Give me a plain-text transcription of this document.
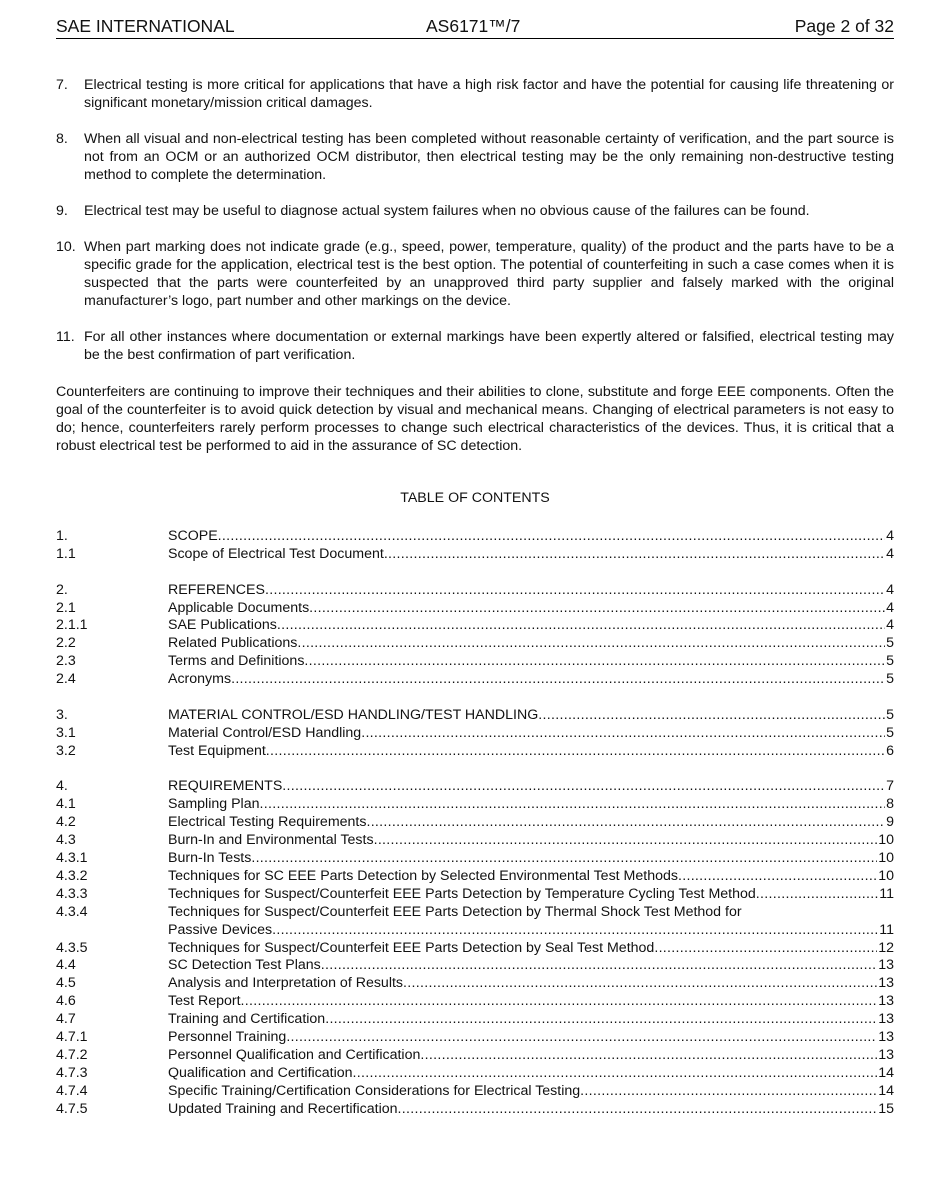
SAE INTERNATIONAL	AS6171™/7	Page 2 of 32
7. Electrical testing is more critical for applications that have a high risk factor and have the potential for causing life threatening or significant monetary/mission critical damages.
8. When all visual and non-electrical testing has been completed without reasonable certainty of verification, and the part source is not from an OCM or an authorized OCM distributor, then electrical testing may be the only remaining non-destructive testing method to complete the determination.
9. Electrical test may be useful to diagnose actual system failures when no obvious cause of the failures can be found.
10. When part marking does not indicate grade (e.g., speed, power, temperature, quality) of the product and the parts have to be a specific grade for the application, electrical test is the best option. The potential of counterfeiting in such a case comes when it is suspected that the parts were counterfeited by an unapproved third party supplier and falsely marked with the original manufacturer’s logo, part number and other markings on the device.
11. For all other instances where documentation or external markings have been expertly altered or falsified, electrical testing may be the best confirmation of part verification.
Counterfeiters are continuing to improve their techniques and their abilities to clone, substitute and forge EEE components. Often the goal of the counterfeiter is to avoid quick detection by visual and mechanical means. Changing of electrical parameters is not easy to do; hence, counterfeiters rarely perform processes to change such electrical characteristics of the devices. Thus, it is critical that a robust electrical test be performed to aid in the assurance of SC detection.
TABLE OF CONTENTS
1.	SCOPE .....	4
1.1	Scope of Electrical Test Document .....	4
2.	REFERENCES .....	4
2.1	Applicable Documents .....	4
2.1.1	SAE Publications .....	4
2.2	Related Publications .....	5
2.3	Terms and Definitions .....	5
2.4	Acronyms .....	5
3.	MATERIAL CONTROL/ESD HANDLING/TEST HANDLING .....	5
3.1	Material Control/ESD Handling .....	5
3.2	Test Equipment .....	6
4.	REQUIREMENTS .....	7
4.1	Sampling Plan .....	8
4.2	Electrical Testing Requirements .....	9
4.3	Burn-In and Environmental Tests .....	10
4.3.1	Burn-In Tests .....	10
4.3.2	Techniques for SC EEE Parts Detection by Selected Environmental Test Methods .....	10
4.3.3	Techniques for Suspect/Counterfeit EEE Parts Detection by Temperature Cycling Test Method .....	11
4.3.4	Techniques for Suspect/Counterfeit EEE Parts Detection by Thermal Shock Test Method for
Passive Devices .....	11
4.3.5	Techniques for Suspect/Counterfeit EEE Parts Detection by Seal Test Method .....	12
4.4	SC Detection Test Plans .....	13
4.5	Analysis and Interpretation of Results .....	13
4.6	Test Report .....	13
4.7	Training and Certification .....	13
4.7.1	Personnel Training .....	13
4.7.2	Personnel Qualification and Certification .....	13
4.7.3	Qualification and Certification .....	14
4.7.4	Specific Training/Certification Considerations for Electrical Testing .....	14
4.7.5	Updated Training and Recertification .....	15
